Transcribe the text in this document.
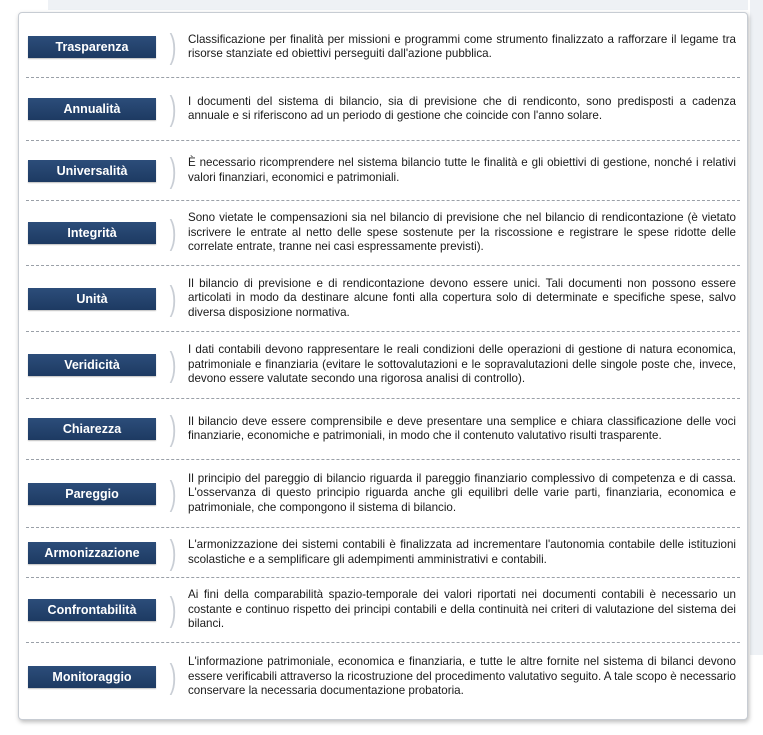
Trasparenza	)	Classificazione per finalità per missioni e programmi come strumento finalizzato a rafforzare il legame tra risorse stanziate ed obiettivi perseguiti dall'azione pubblica.
Annualità	)	I documenti del sistema di bilancio, sia di previsione che di rendiconto, sono predisposti a cadenza annuale e si riferiscono ad un periodo di gestione che coincide con l'anno solare.
Universalità	)	È necessario ricomprendere nel sistema bilancio tutte le finalità e gli obiettivi di gestione, nonché i relativi valori finanziari, economici e patrimoniali.
Integrità	)	Sono vietate le compensazioni sia nel bilancio di previsione che nel bilancio di rendicontazione (è vietato iscrivere le entrate al netto delle spese sostenute per la riscossione e registrare le spese ridotte delle correlate entrate, tranne nei casi espressamente previsti).
Unità	)	Il bilancio di previsione e di rendicontazione devono essere unici. Tali documenti non possono essere articolati in modo da destinare alcune fonti alla copertura solo di determinate e specifiche spese, salvo diversa disposizione normativa.
Veridicità	)	I dati contabili devono rappresentare le reali condizioni delle operazioni di gestione di natura economica, patrimoniale e finanziaria (evitare le sottovalutazioni e le sopravalutazioni delle singole poste che, invece, devono essere valutate secondo una rigorosa analisi di controllo).
Chiarezza	)	Il bilancio deve essere comprensibile e deve presentare una semplice e chiara classificazione delle voci finanziarie, economiche e patrimoniali, in modo che il contenuto valutativo risulti trasparente.
Pareggio	)	Il principio del pareggio di bilancio riguarda il pareggio finanziario complessivo di competenza e di cassa. L'osservanza di questo principio riguarda anche gli equilibri delle varie parti, finanziaria, economica e patrimoniale, che compongono il sistema di bilancio.
Armonizzazione )	L'armonizzazione dei sistemi contabili è finalizzata ad incrementare l'autonomia contabile delle istituzioni scolastiche e a semplificare gli adempimenti amministrativi e contabili.
Confrontabilità )	Ai fini della comparabilità spazio-temporale dei valori riportati nei documenti contabili è necessario un costante e continuo rispetto dei principi contabili e della continuità nei criteri di valutazione del sistema dei bilanci.
Monitoraggio	)	L'informazione patrimoniale, economica e finanziaria, e tutte le altre fornite nel sistema di bilanci devono essere verificabili attraverso la ricostruzione del procedimento valutativo seguito. A tale scopo è necessario conservare la necessaria documentazione probatoria.
